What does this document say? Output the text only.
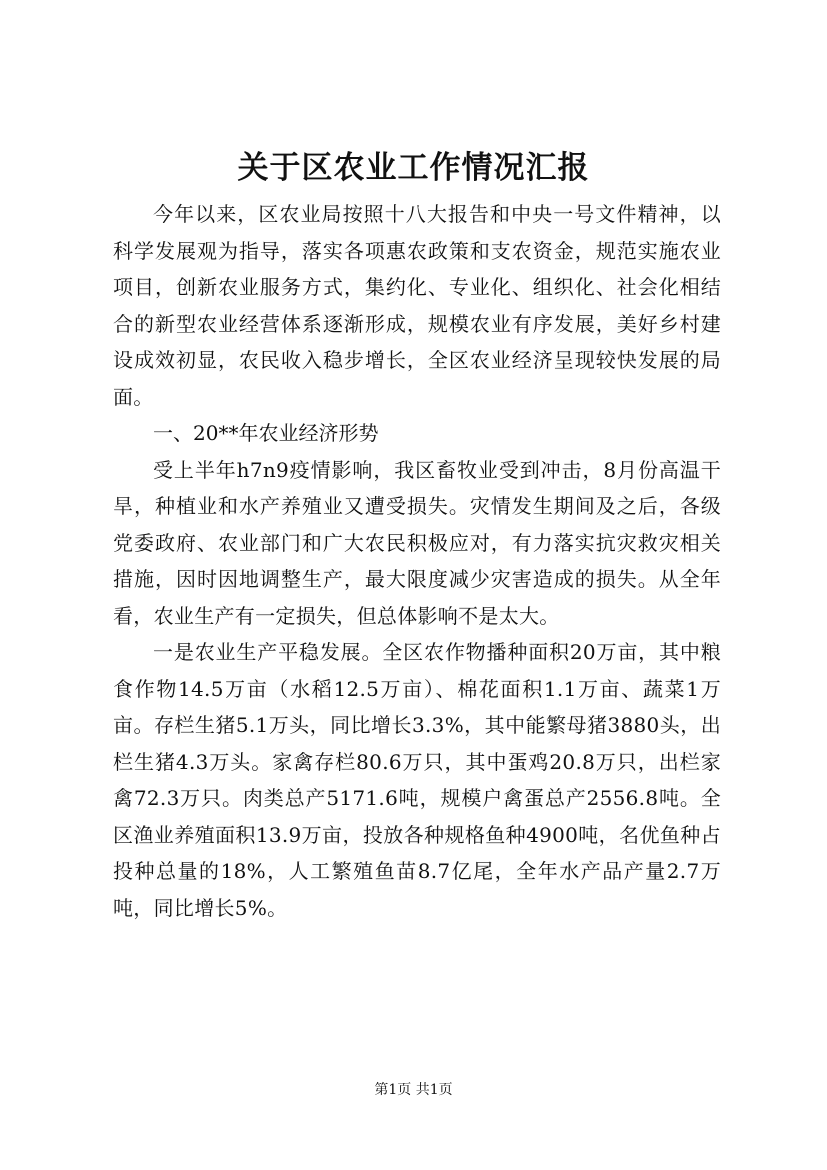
关于区农业工作情况汇报

今年以来，区农业局按照十八大报告和中央一号文件精神，以科学发展观为指导，落实各项惠农政策和支农资金，规范实施农业项目，创新农业服务方式，集约化、专业化、组织化、社会化相结合的新型农业经营体系逐渐形成，规模农业有序发展，美好乡村建设成效初显，农民收入稳步增长，全区农业经济呈现较快发展的局面。

一、20**年农业经济形势

受上半年h7n9疫情影响，我区畜牧业受到冲击，8月份高温干旱，种植业和水产养殖业又遭受损失。灾情发生期间及之后，各级党委政府、农业部门和广大农民积极应对，有力落实抗灾救灾相关措施，因时因地调整生产，最大限度减少灾害造成的损失。从全年看，农业生产有一定损失，但总体影响不是太大。

一是农业生产平稳发展。全区农作物播种面积20万亩，其中粮食作物14.5万亩（水稻12.5万亩）、棉花面积1.1万亩、蔬菜1万亩。存栏生猪5.1万头，同比增长3.3%，其中能繁母猪3880头，出栏生猪4.3万头。家禽存栏80.6万只，其中蛋鸡20.8万只，出栏家禽72.3万只。肉类总产5171.6吨，规模户禽蛋总产2556.8吨。全区渔业养殖面积13.9万亩，投放各种规格鱼种4900吨，名优鱼种占投种总量的18%，人工繁殖鱼苗8.7亿尾，全年水产品产量2.7万吨，同比增长5%。

第1页 共1页
